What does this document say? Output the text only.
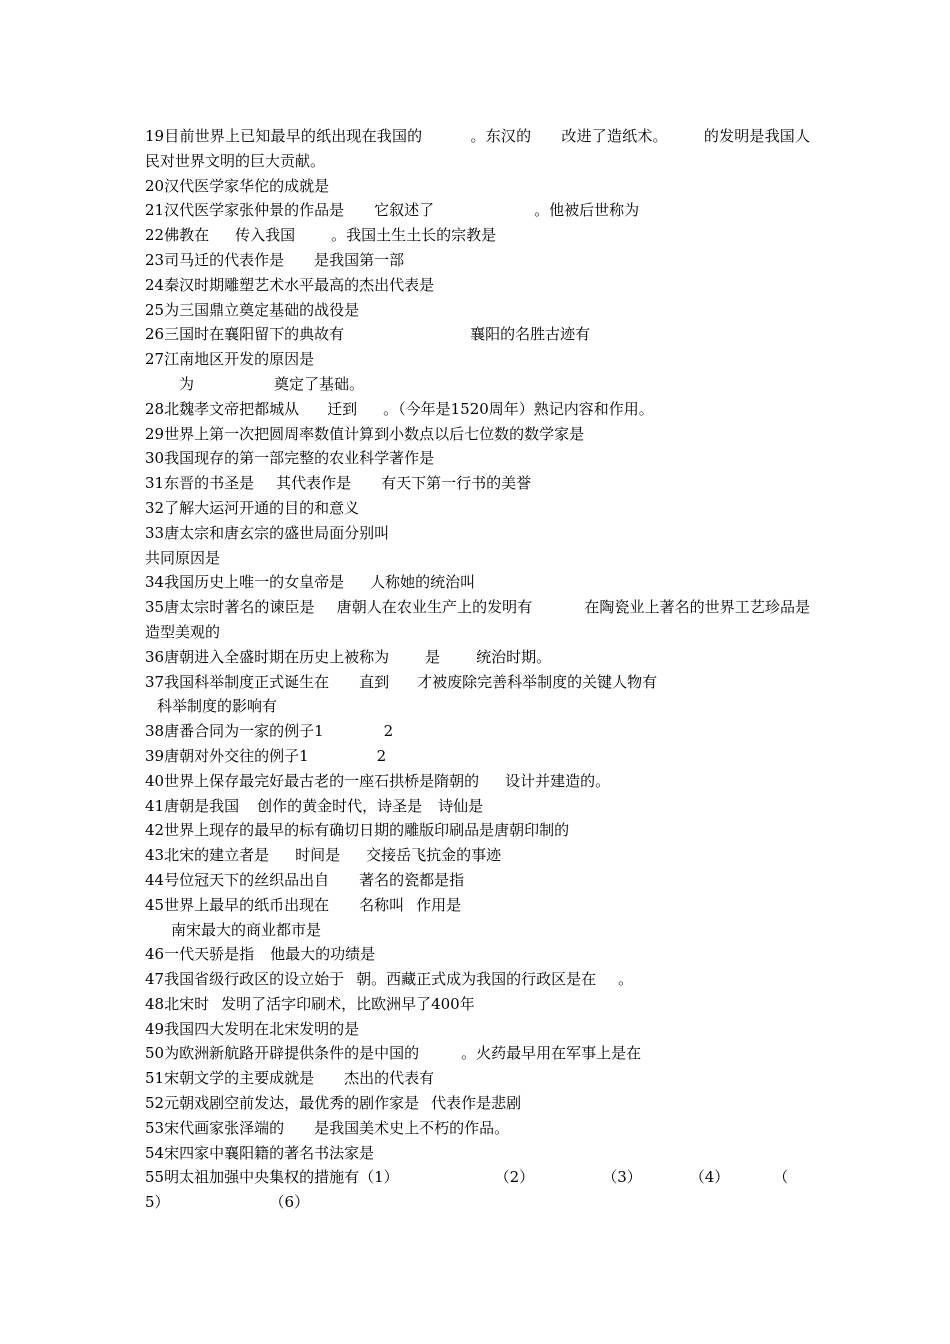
19目前世界上已知最早的纸出现在我国的	。东汉的 改进了造纸术。 的发明是我国人民对世界文明的巨大贡献。
20汉代医学家华佗的成就是
21汉代医学家张仲景的作品是 它叙述了	。他被后世称为
22佛教在 传入我国 。我国土生土长的宗教是
23司马迁的代表作是 是我国第一部
24秦汉时期雕塑艺术水平最高的杰出代表是
25为三国鼎立奠定基础的战役是
26三国时在襄阳留下的典故有	襄阳的名胜古迹有
27江南地区开发的原因是
为	奠定了基础。
28北魏孝文帝把都城从 迁到 。（今年是1520周年）熟记内容和作用。
29世界上第一次把圆周率数值计算到小数点以后七位数的数学家是
30我国现存的第一部完整的农业科学著作是
31东晋的书圣是 其代表作是 有天下第一行书的美誉
32了解大运河开通的目的和意义
33唐太宗和唐玄宗的盛世局面分别叫
共同原因是
34我国历史上唯一的女皇帝是 人称她的统治叫
35唐太宗时著名的谏臣是 唐朝人在农业生产上的发明有	在陶瓷业上著名的世界工艺珍品是造型美观的
36唐朝进入全盛时期在历史上被称为 是 统治时期。
37我国科举制度正式诞生在 直到 才被废除完善科举制度的关键人物有
科举制度的影响有
38唐番合同为一家的例子1	2
39唐朝对外交往的例子1	2
40世界上保存最完好最古老的一座石拱桥是隋朝的 设计并建造的。
41唐朝是我国 创作的黄金时代，诗圣是 诗仙是
42世界上现存的最早的标有确切日期的雕版印刷品是唐朝印制的
43北宋的建立者是 时间是 交接岳飞抗金的事迹
44号位冠天下的丝织品出自 著名的瓷都是指
45世界上最早的纸币出现在 名称叫 作用是
南宋最大的商业都市是
46一代天骄是指 他最大的功绩是
47我国省级行政区的设立始于 朝。西藏正式成为我国的行政区是在 。
48北宋时 发明了活字印刷术，比欧洲早了400年
49我国四大发明在北宋发明的是
50为欧洲新航路开辟提供条件的是中国的	。火药最早用在军事上是在
51宋朝文学的主要成就是 杰出的代表有
52元朝戏剧空前发达，最优秀的剧作家是 代表作是悲剧
53宋代画家张泽端的 是我国美术史上不朽的作品。
54宋四家中襄阳籍的著名书法家是
55明太祖加强中央集权的措施有（1）	（2）	（3）	（4）	（
5）	（6）
